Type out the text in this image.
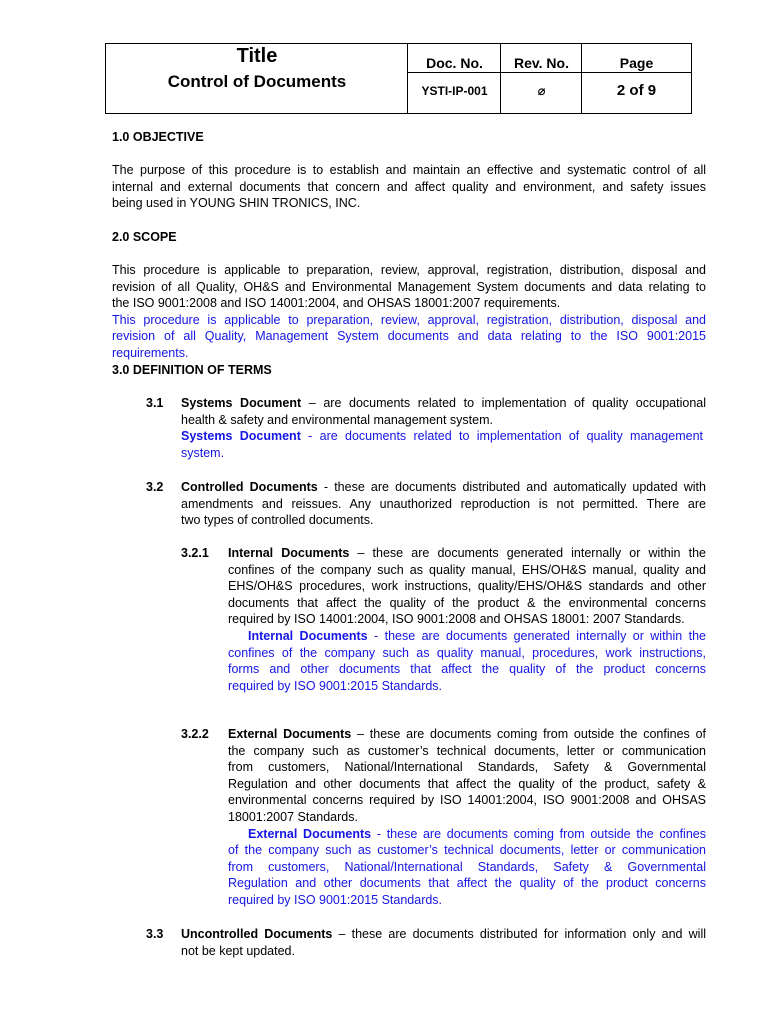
Title
Control of Documents
Doc. No.
YSTI-IP-001
Rev. No.
⌀
Page
2 of 9
1.0 OBJECTIVE
The purpose of this procedure is to establish and maintain an effective and systematic control of all
internal and external documents that concern and affect quality and environment, and safety issues
being used in YOUNG SHIN TRONICS, INC.
2.0 SCOPE
This procedure is applicable to preparation, review, approval, registration, distribution, disposal and
revision of all Quality, OH&S and Environmental Management System documents and data relating to
the ISO 9001:2008 and ISO 14001:2004, and OHSAS 18001:2007 requirements.
This procedure is applicable to preparation, review, approval, registration, distribution, disposal and
revision of all Quality, Management System documents and data relating to the ISO 9001:2015
requirements.
3.0 DEFINITION OF TERMS
3.1 Systems Document – are documents related to implementation of quality occupational
health & safety and environmental management system.
Systems Document - are documents related to implementation of quality management
system.
3.2 Controlled Documents - these are documents distributed and automatically updated with
amendments and reissues. Any unauthorized reproduction is not permitted. There are
two types of controlled documents.
3.2.1 Internal Documents – these are documents generated internally or within the
confines of the company such as quality manual, EHS/OH&S manual, quality and
EHS/OH&S procedures, work instructions, quality/EHS/OH&S standards and other
documents that affect the quality of the product & the environmental concerns
required by ISO 14001:2004, ISO 9001:2008 and OHSAS 18001: 2007 Standards.
Internal Documents - these are documents generated internally or within the
confines of the company such as quality manual, procedures, work instructions,
forms and other documents that affect the quality of the product concerns
required by ISO 9001:2015 Standards.
3.2.2 External Documents – these are documents coming from outside the confines of
the company such as customer’s technical documents, letter or communication
from customers, National/International Standards, Safety & Governmental
Regulation and other documents that affect the quality of the product, safety &
environmental concerns required by ISO 14001:2004, ISO 9001:2008 and OHSAS
18001:2007 Standards.
External Documents - these are documents coming from outside the confines
of the company such as customer’s technical documents, letter or communication
from customers, National/International Standards, Safety & Governmental
Regulation and other documents that affect the quality of the product concerns
required by ISO 9001:2015 Standards.
3.3 Uncontrolled Documents – these are documents distributed for information only and will
not be kept updated.
